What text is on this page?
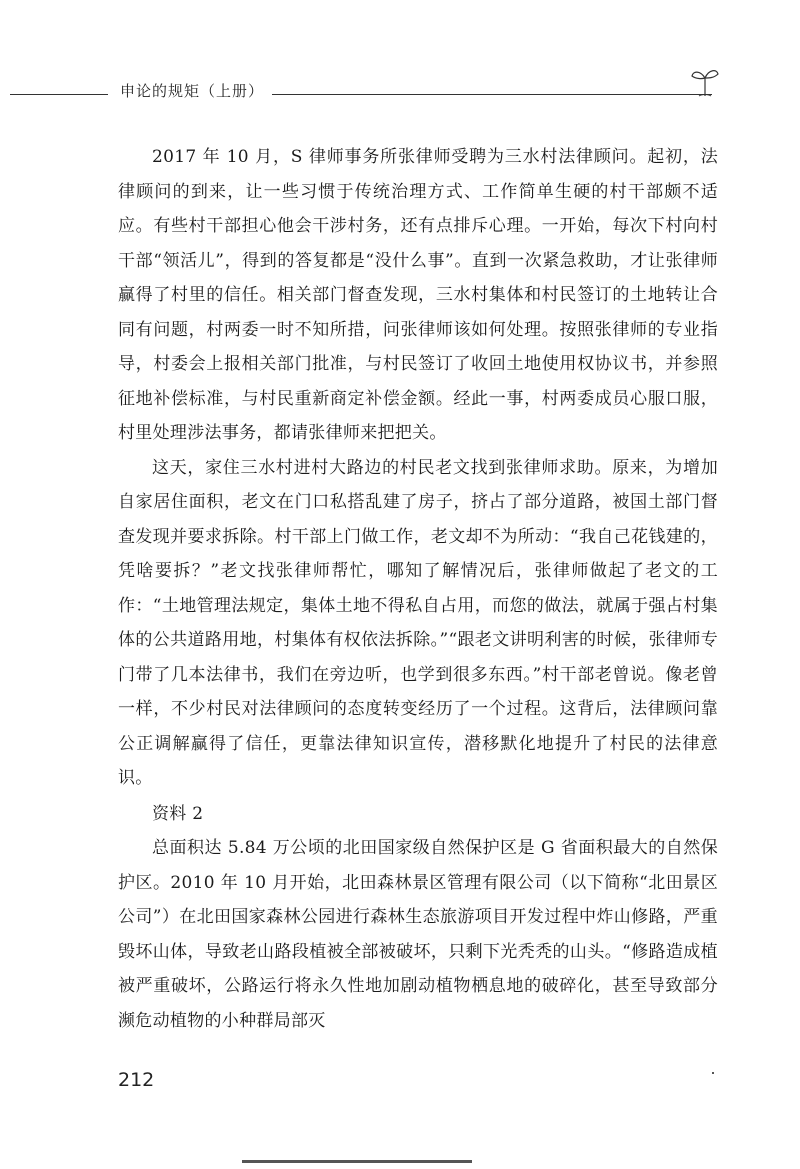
申论的规矩（上册）

2017 年 10 月，S 律师事务所张律师受聘为三水村法律顾问。起初，法律顾问的到来，让一些习惯于传统治理方式、工作简单生硬的村干部颇不适应。有些村干部担心他会干涉村务，还有点排斥心理。一开始，每次下村向村干部“领活儿”，得到的答复都是“没什么事”。直到一次紧急救助，才让张律师赢得了村里的信任。相关部门督查发现，三水村集体和村民签订的土地转让合同有问题，村两委一时不知所措，问张律师该如何处理。按照张律师的专业指导，村委会上报相关部门批准，与村民签订了收回土地使用权协议书，并参照征地补偿标准，与村民重新商定补偿金额。经此一事，村两委成员心服口服，村里处理涉法事务，都请张律师来把把关。

这天，家住三水村进村大路边的村民老文找到张律师求助。原来，为增加自家居住面积，老文在门口私搭乱建了房子，挤占了部分道路，被国土部门督查发现并要求拆除。村干部上门做工作，老文却不为所动：“我自己花钱建的，凭啥要拆？”老文找张律师帮忙，哪知了解情况后，张律师做起了老文的工作：“土地管理法规定，集体土地不得私自占用，而您的做法，就属于强占村集体的公共道路用地，村集体有权依法拆除。”“跟老文讲明利害的时候，张律师专门带了几本法律书，我们在旁边听，也学到很多东西。”村干部老曾说。像老曾一样，不少村民对法律顾问的态度转变经历了一个过程。这背后，法律顾问靠公正调解赢得了信任，更靠法律知识宣传，潜移默化地提升了村民的法律意识。

资料 2

总面积达 5.84 万公顷的北田国家级自然保护区是 G 省面积最大的自然保护区。2010 年 10 月开始，北田森林景区管理有限公司（以下简称“北田景区公司”）在北田国家森林公园进行森林生态旅游项目开发过程中炸山修路，严重毁坏山体，导致老山路段植被全部被破坏，只剩下光秃秃的山头。“修路造成植被严重破坏，公路运行将永久性地加剧动植物栖息地的破碎化，甚至导致部分濒危动植物的小种群局部灭

212
